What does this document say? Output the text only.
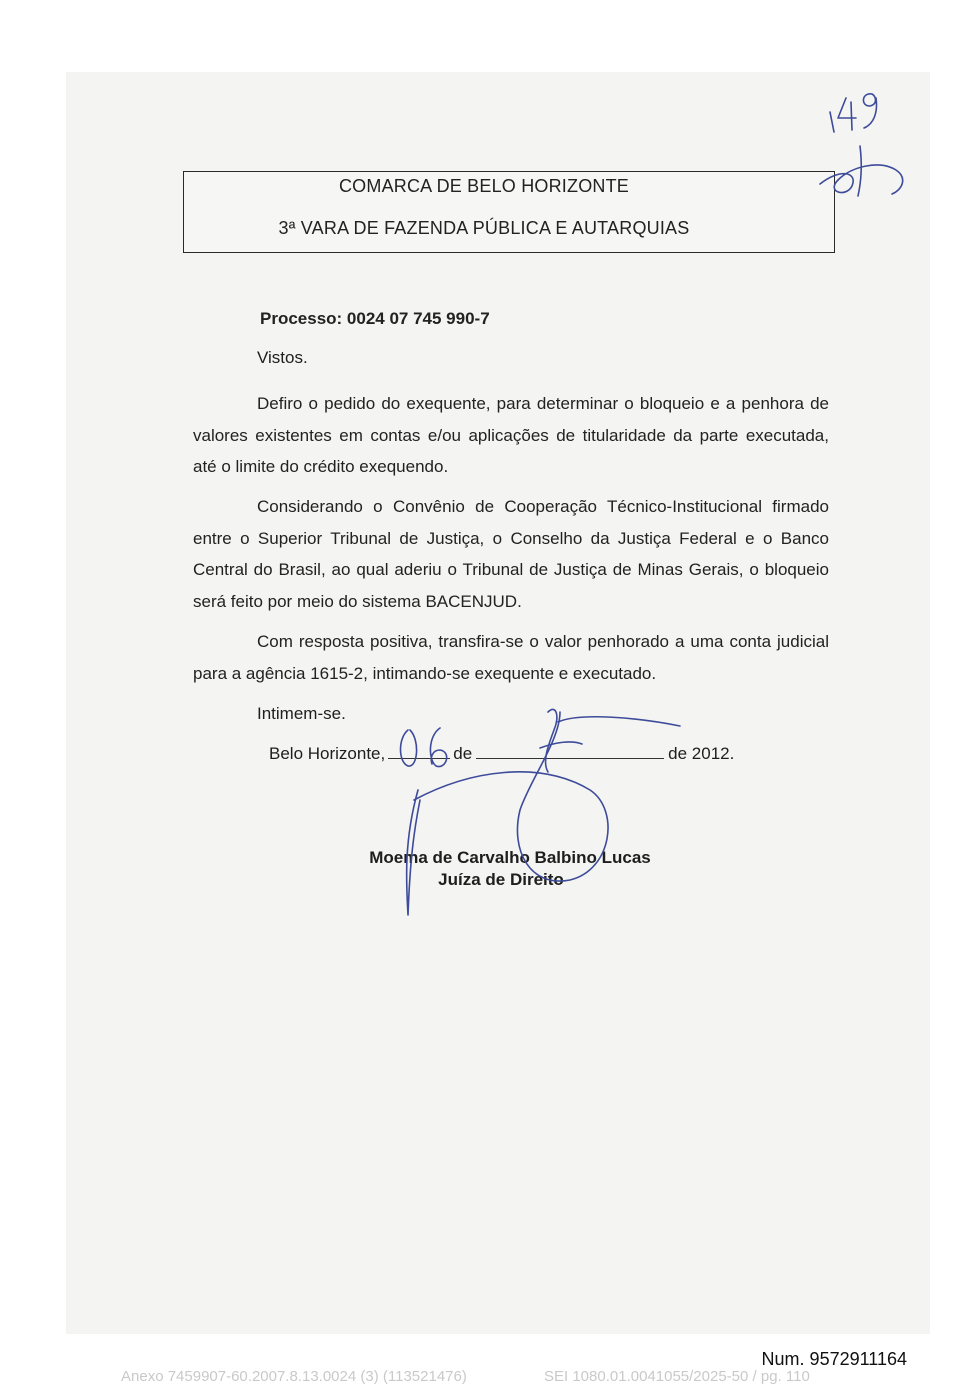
COMARCA DE BELO HORIZONTE
3ª VARA DE FAZENDA PÚBLICA E AUTARQUIAS
Processo: 0024 07 745 990-7
Vistos.

Defiro o pedido do exequente, para determinar o bloqueio e a penhora de valores existentes em contas e/ou aplicações de titularidade da parte executada, até o limite do crédito exequendo.

Considerando o Convênio de Cooperação Técnico-Institucional firmado entre o Superior Tribunal de Justiça, o Conselho da Justiça Federal e o Banco Central do Brasil, ao qual aderiu o Tribunal de Justiça de Minas Gerais, o bloqueio será feito por meio do sistema BACENJUD.

Com resposta positiva, transfira-se o valor penhorado a uma conta judicial para a agência 1615-2, intimando-se exequente e executado.

Intimem-se.
Belo Horizonte,	de	de 2012.
Moema de Carvalho Balbino Lucas
Juíza de Direito
Num. 9572911164
Anexo 7459907-60.2007.8.13.0024 (3) (113521476)	SEI 1080.01.0041055/2025-50 / pg. 110
